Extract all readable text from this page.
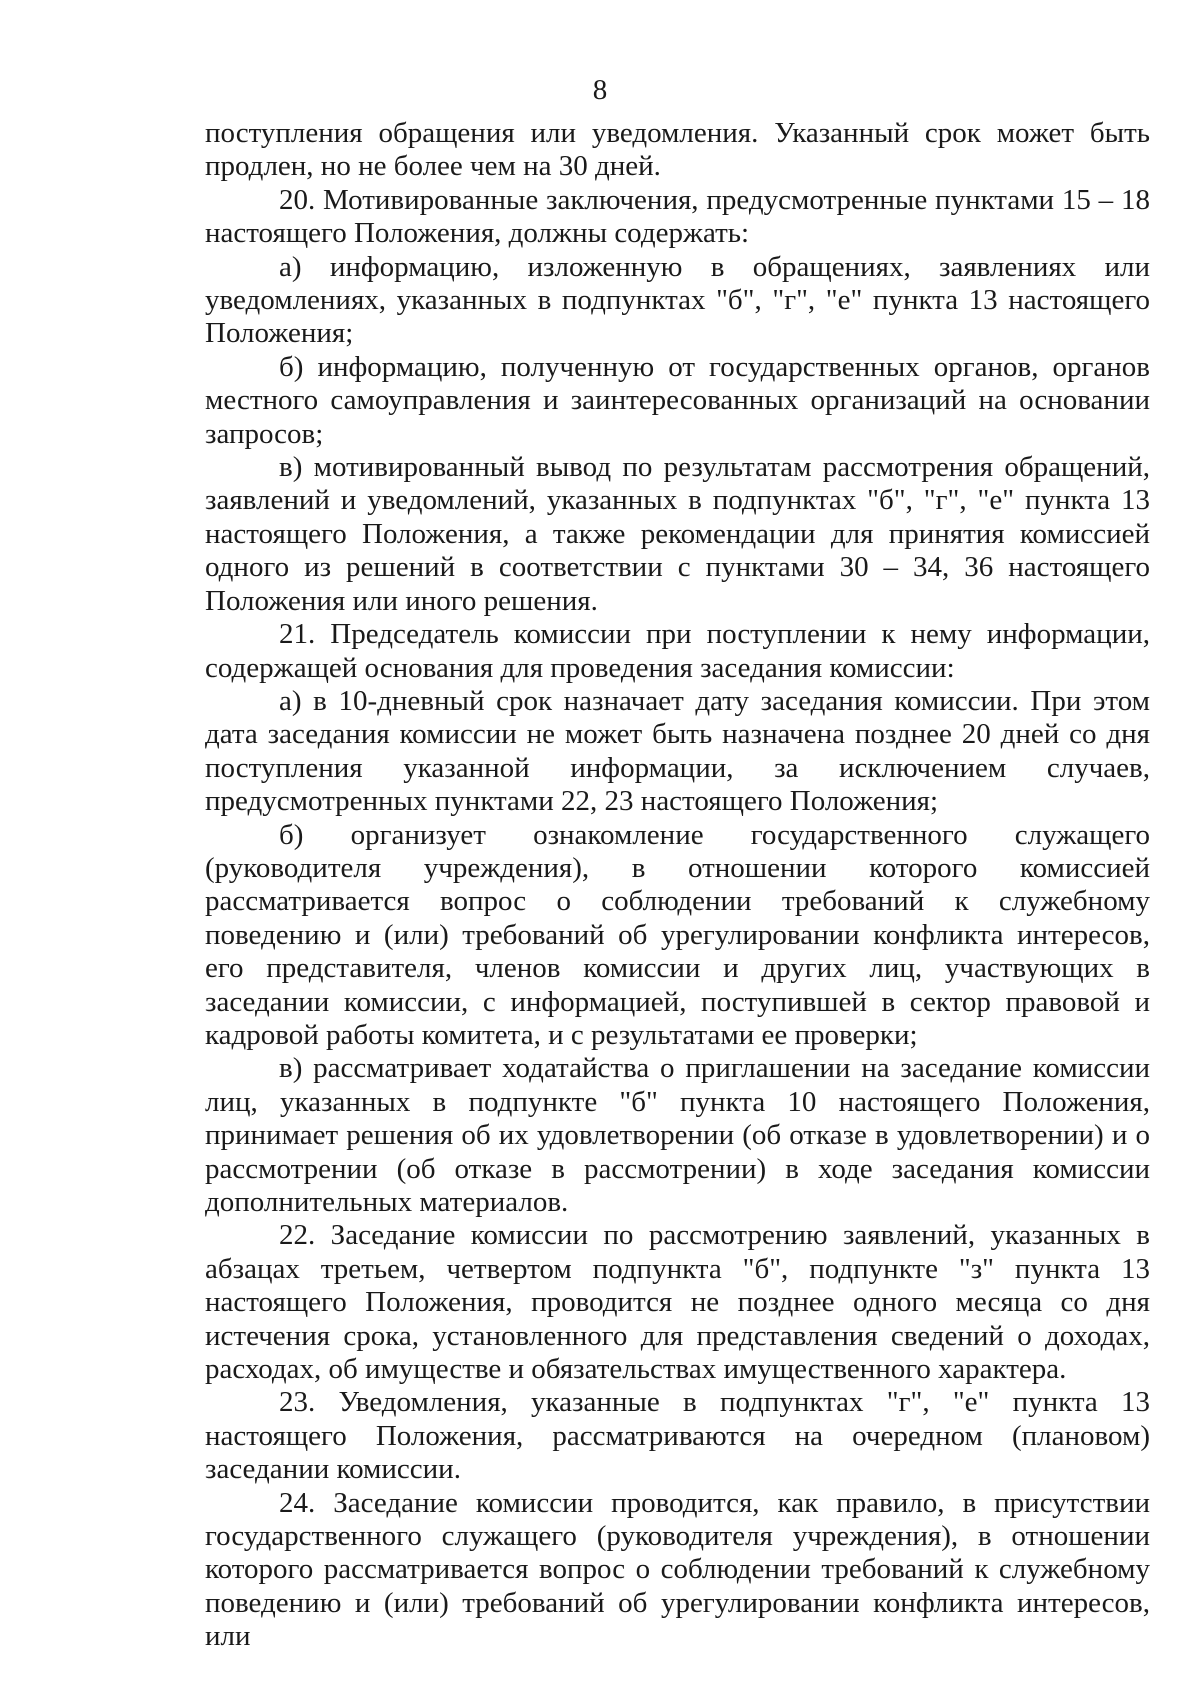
8

поступления обращения или уведомления. Указанный срок может быть продлен, но не более чем на 30 дней.

20. Мотивированные заключения, предусмотренные пунктами 15 – 18 настоящего Положения, должны содержать:

а) информацию, изложенную в обращениях, заявлениях или уведомлениях, указанных в подпунктах "б", "г", "е" пункта 13 настоящего Положения;

б) информацию, полученную от государственных органов, органов местного самоуправления и заинтересованных организаций на основании запросов;

в) мотивированный вывод по результатам рассмотрения обращений, заявлений и уведомлений, указанных в подпунктах "б", "г", "е" пункта 13 настоящего Положения, а также рекомендации для принятия комиссией одного из решений в соответствии с пунктами 30 – 34, 36 настоящего Положения или иного решения.

21. Председатель комиссии при поступлении к нему информации, содержащей основания для проведения заседания комиссии:

а) в 10-дневный срок назначает дату заседания комиссии. При этом дата заседания комиссии не может быть назначена позднее 20 дней со дня поступления указанной информации, за исключением случаев, предусмотренных пунктами 22, 23 настоящего Положения;

б) организует ознакомление государственного служащего (руководителя учреждения), в отношении которого комиссией рассматривается вопрос о соблюдении требований к служебному поведению и (или) требований об урегулировании конфликта интересов, его представителя, членов комиссии и других лиц, участвующих в заседании комиссии, с информацией, поступившей в сектор правовой и кадровой работы комитета, и с результатами ее проверки;

в) рассматривает ходатайства о приглашении на заседание комиссии лиц, указанных в подпункте "б" пункта 10 настоящего Положения, принимает решения об их удовлетворении (об отказе в удовлетворении) и о рассмотрении (об отказе в рассмотрении) в ходе заседания комиссии дополнительных материалов.

22. Заседание комиссии по рассмотрению заявлений, указанных в абзацах третьем, четвертом подпункта "б", подпункте "з" пункта 13 настоящего Положения, проводится не позднее одного месяца со дня истечения срока, установленного для представления сведений о доходах, расходах, об имуществе и обязательствах имущественного характера.

23. Уведомления, указанные в подпунктах "г", "е" пункта 13 настоящего Положения, рассматриваются на очередном (плановом) заседании комиссии.

24. Заседание комиссии проводится, как правило, в присутствии государственного служащего (руководителя учреждения), в отношении которого рассматривается вопрос о соблюдении требований к служебному поведению и (или) требований об урегулировании конфликта интересов, или
